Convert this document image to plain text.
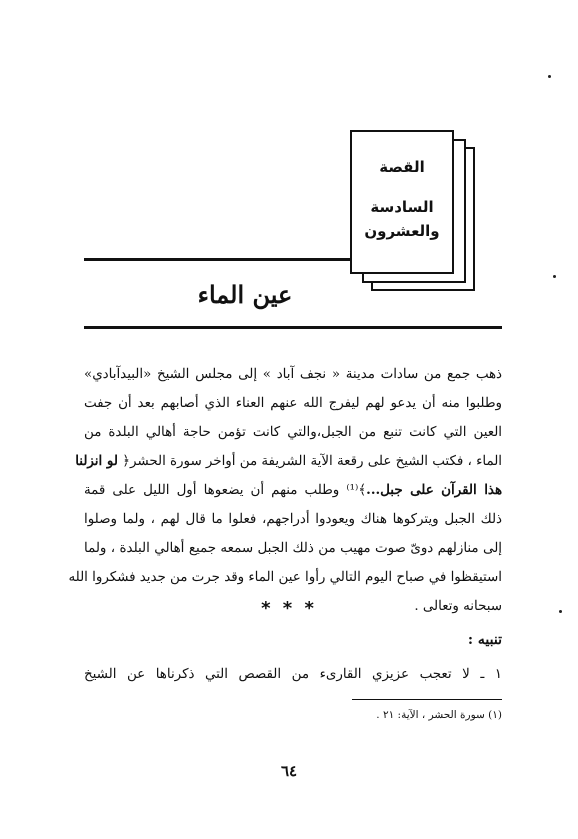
القصة
السادسة
والعشرون
عين الماء
ذهب جمع من سادات مدينة « نجف آباد » إلى مجلس الشيخ «البيدآبادي»
وطلبوا منه أن يدعو لهم ليفرج الله عنهم العناء الذي أصابهم بعد أن جفت
العين التي كانت تنبع من الجبل،والتي كانت تؤمن حاجة أهالي البلدة من
الماء ، فكتب الشيخ على رقعة الآية الشريفة من أواخر سورة الحشر﴿ لو انزلنا
هذا القرآن على جبل...﴾⁽¹⁾ وطلب منهم أن يضعوها أول الليل على قمة
ذلك الجبل ويتركوها هناك ويعودوا أدراجهم، فعلوا ما قال لهم ، ولما وصلوا
إلى منازلهم دوىّ صوت مهيب من ذلك الجبل سمعه جميع أهالي البلدة ، ولما
استيقظوا في صباح اليوم التالي رأوا عين الماء وقد جرت من جديد فشكروا الله
سبحانه وتعالى .
* * *
تنبيه :
١ ـ لا تعجب عزيزي القارىء من القصص التي ذكرناها عن الشيخ
(١) سورة الحشر ، الآية: ٢١ .
٦٤
